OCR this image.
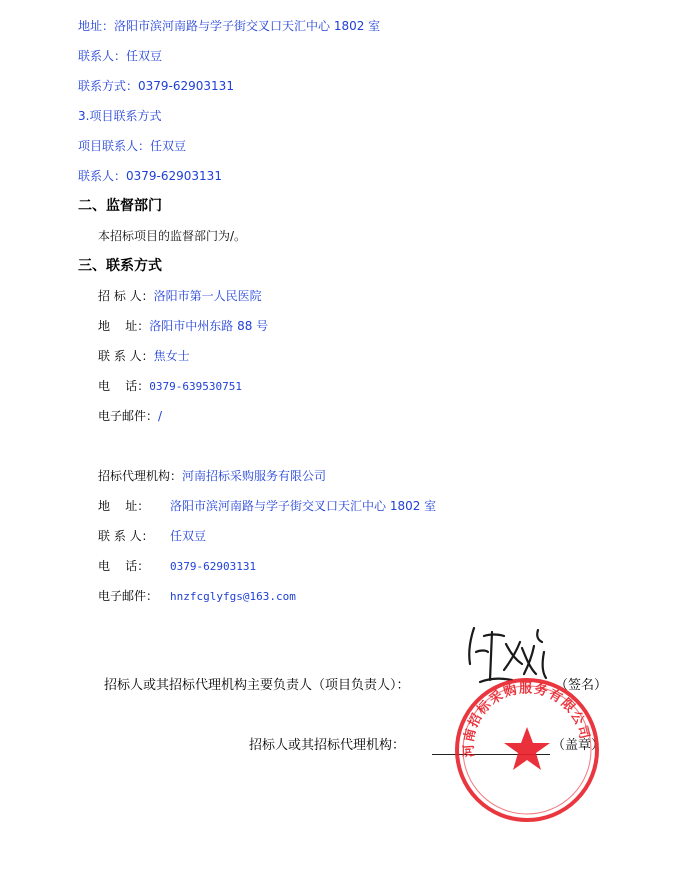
地址：洛阳市滨河南路与学子街交叉口天汇中心 1802 室
联系人：任双豆
联系方式：0379-62903131
3.项目联系方式
项目联系人：任双豆
联系人：0379-62903131
二、监督部门
本招标项目的监督部门为/。
三、联系方式
招 标 人：洛阳市第一人民医院
地    址：洛阳市中州东路 88 号
联 系 人：焦女士
电    话：0379-639530751
电子邮件：/
招标代理机构：河南招标采购服务有限公司
地    址： 洛阳市滨河南路与学子街交叉口天汇中心 1802 室
联 系 人： 任双豆
电    话： 0379-62903131
电子邮件： hnzfcglyfgs@163.com
招标人或其招标代理机构主要负责人（项目负责人）：	（签名）
招标人或其招标代理机构：	（盖章）
河南招标采购服务有限公司
